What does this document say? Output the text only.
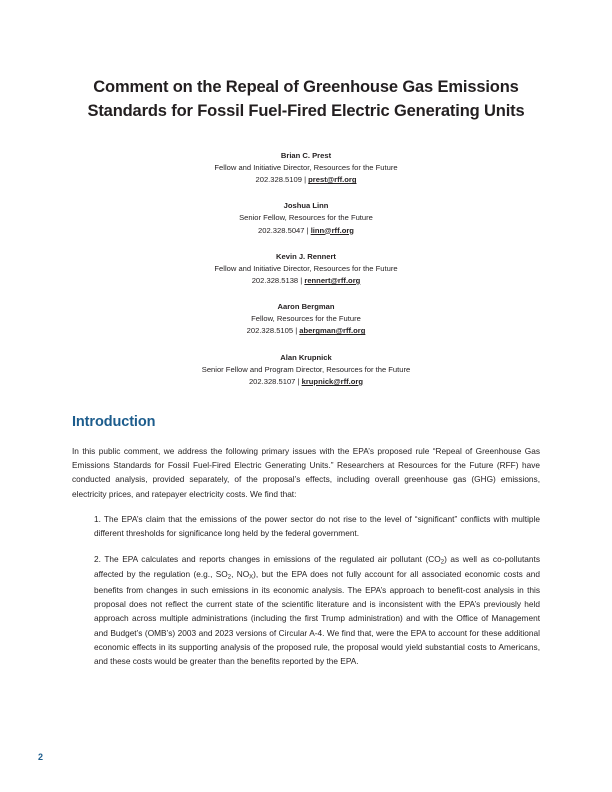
Comment on the Repeal of Greenhouse Gas Emissions Standards for Fossil Fuel-Fired Electric Generating Units
Brian C. Prest
Fellow and Initiative Director, Resources for the Future
202.328.5109 | prest@rff.org
Joshua Linn
Senior Fellow, Resources for the Future
202.328.5047 | linn@rff.org
Kevin J. Rennert
Fellow and Initiative Director, Resources for the Future
202.328.5138 | rennert@rff.org
Aaron Bergman
Fellow, Resources for the Future
202.328.5105 | abergman@rff.org
Alan Krupnick
Senior Fellow and Program Director, Resources for the Future
202.328.5107 | krupnick@rff.org
Introduction

In this public comment, we address the following primary issues with the EPA’s proposed rule “Repeal of Greenhouse Gas Emissions Standards for Fossil Fuel-Fired Electric Generating Units.” Researchers at Resources for the Future (RFF) have conducted analysis, provided separately, of the proposal’s effects, including overall greenhouse gas (GHG) emissions, electricity prices, and ratepayer electricity costs. We find that:

1. The EPA’s claim that the emissions of the power sector do not rise to the level of “significant” conflicts with multiple different thresholds for significance long held by the federal government.

2. The EPA calculates and reports changes in emissions of the regulated air pollutant $(CO_2)$ as well as co-pollutants affected by the regulation (e.g., $SO_2$, $NO_X$), but the EPA does not fully account for all associated economic costs and benefits from changes in such emissions in its economic analysis. The EPA’s approach to benefit-cost analysis in this proposal does not reflect the current state of the scientific literature and is inconsistent with the EPA’s previously held approach across multiple administrations (including the first Trump administration) and with the Office of Management and Budget’s (OMB’s) 2003 and 2023 versions of Circular A-4. We find that, were the EPA to account for these additional economic effects in its supporting analysis of the proposed rule, the proposal would yield substantial costs to Americans, and these costs would be greater than the benefits reported by the EPA.

2
